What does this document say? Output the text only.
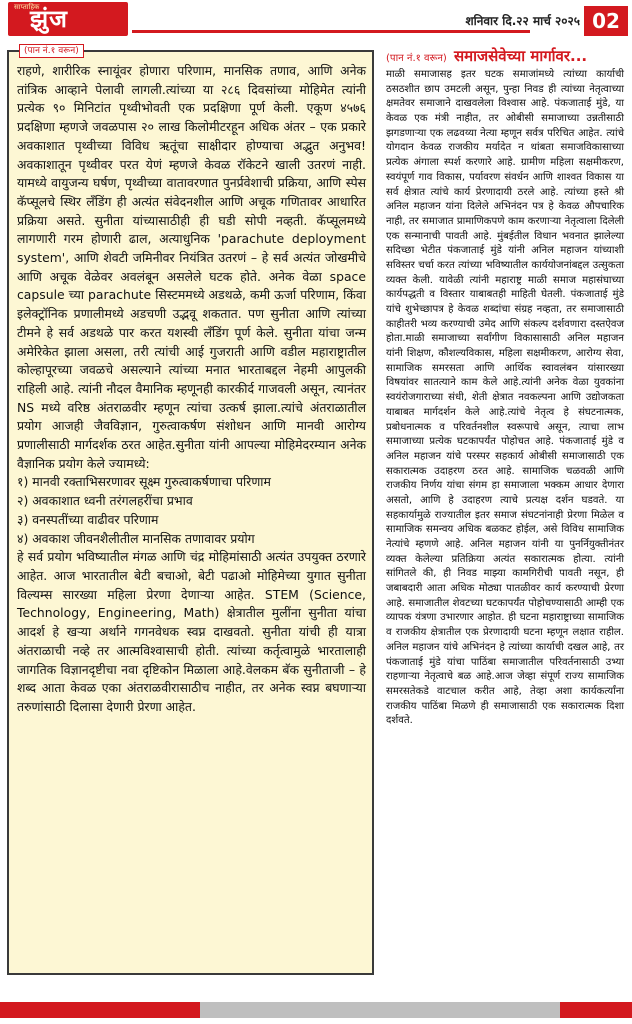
साप्ताहिक
झुंज	शनिवार दि.२२ मार्च २०२५ 02
(पान नं.१ वरून)
राहणे, शारीरिक स्नायूंवर होणारा परिणाम, मानसिक तणाव, आणि अनेक तांत्रिक आव्हाने पेलावी लागली.त्यांच्या या २८६ दिवसांच्या मोहिमेत त्यांनी प्रत्येक ९० मिनिटांत पृथ्वीभोवती एक प्रदक्षिणा पूर्ण केली. एकूण ४५७६ प्रदक्षिणा म्हणजे जवळपास २० लाख किलोमीटरहून अधिक अंतर – एक प्रकारे अवकाशात पृथ्वीच्या विविध ऋतूंचा साक्षीदार होण्याचा अद्भुत अनुभव! अवकाशातून पृथ्वीवर परत येणं म्हणजे केवळ रॉकेटने खाली उतरणं नाही. यामध्ये वायुजन्य घर्षण, पृथ्वीच्या वातावरणात पुनर्प्रवेशाची प्रक्रिया, आणि स्पेस कॅप्सूलचे स्थिर लँडिंग ही अत्यंत संवेदनशील आणि अचूक गणितावर आधारित प्रक्रिया असते. सुनीता यांच्यासाठीही ही घडी सोपी नव्हती. कॅप्सूलमध्ये लागणारी गरम होणारी ढाल, अत्याधुनिक 'parachute deployment system', आणि शेवटी जमिनीवर नियंत्रित उतरणं – हे सर्व अत्यंत जोखमीचे आणि अचूक वेळेवर अवलंबून असलेले घटक होते. अनेक वेळा space capsule च्या parachute सिस्टममध्ये अडथळे, कमी ऊर्जा परिणाम, किंवा इलेक्ट्रॉनिक प्रणालीमध्ये अडचणी उद्भवू शकतात. पण सुनीता आणि त्यांच्या टीमने हे सर्व अडथळे पार करत यशस्वी लँडिंग पूर्ण केले. सुनीता यांचा जन्म अमेरिकेत झाला असला, तरी त्यांची आई गुजराती आणि वडील महाराष्ट्रातील कोल्हापूरच्या जवळचे असल्याने त्यांच्या मनात भारताबद्दल नेहमी आपुलकी राहिली आहे. त्यांनी नौदल वैमानिक म्हणूनही कारकीर्द गाजवली असून, त्यानंतर NS मध्ये वरिष्ठ अंतराळवीर म्हणून त्यांचा उत्कर्ष झाला.त्यांचे अंतराळातील प्रयोग आजही जैवविज्ञान, गुरुत्वाकर्षण संशोधन आणि मानवी आरोग्य प्रणालीसाठी मार्गदर्शक ठरत आहेत.सुनीता यांनी आपल्या मोहिमेदरम्यान अनेक वैज्ञानिक प्रयोग केले ज्यामध्ये:
१) मानवी रक्ताभिसरणावर सूक्ष्म गुरुत्वाकर्षणाचा परिणाम
२) अवकाशात ध्वनी तरंगलहरींचा प्रभाव
३) वनस्पतींच्या वाढीवर परिणाम
४) अवकाश जीवनशैलीतील मानसिक तणावावर प्रयोग
हे सर्व प्रयोग भविष्यातील मंगळ आणि चंद्र मोहिमांसाठी अत्यंत उपयुक्त ठरणारे आहेत. आज भारतातील बेटी बचाओ, बेटी पढाओ मोहिमेच्या युगात सुनीता विल्यम्स सारख्या महिला प्रेरणा देणाऱ्या आहेत. STEM (Science, Technology, Engineering, Math) क्षेत्रातील मुलींना सुनीता यांचा आदर्श हे खऱ्या अर्थाने गगनवेधक स्वप्न दाखवतो. सुनीता यांची ही यात्रा अंतराळाची नव्हे तर आत्मविश्वासाची होती. त्यांच्या कर्तृत्वामुळे भारतालाही जागतिक विज्ञानदृष्टीचा नवा दृष्टिकोन मिळाला आहे.वेलकम बॅक सुनीताजी – हे शब्द आता केवळ एका अंतराळवीरासाठीच नाहीत, तर अनेक स्वप्न बघणाऱ्या तरुणांसाठी दिलासा देणारी प्रेरणा आहेत.
(पान नं.१ वरून) समाजसेवेच्या मार्गावर...
माळी समाजासह इतर घटक समाजांमध्ये त्यांच्या कार्याची ठसठशीत छाप उमटली असून, पुन्हा निवड ही त्यांच्या नेतृत्वाच्या क्षमतेवर समाजाने दाखवलेला विश्वास आहे. पंकजाताई मुंडे, या केवळ एक मंत्री नाहीत, तर ओबीसी समाजाच्या उन्नतीसाठी झगडणाऱ्या एक लढवय्या नेत्या म्हणून सर्वत्र परिचित आहेत. त्यांचे योगदान केवळ राजकीय मर्यादेत न थांबता समाजविकासाच्या प्रत्येक अंगाला स्पर्श करणारे आहे. ग्रामीण महिला सक्षमीकरण, स्वयंपूर्ण गाव विकास, पर्यावरण संवर्धन आणि शाश्वत विकास या सर्व क्षेत्रात त्यांचे कार्य प्रेरणादायी ठरले आहे. त्यांच्या हस्ते श्री अनिल महाजन यांना दिलेले अभिनंदन पत्र हे केवळ औपचारिक नाही, तर समाजात प्रामाणिकपणे काम करणाऱ्या नेतृत्वाला दिलेली एक सन्मानाची पावती आहे. मुंबईतील विधान भवनात झालेल्या सदिच्छा भेटीत पंकजाताई मुंडे यांनी अनिल महाजन यांच्याशी सविस्तर चर्चा करत त्यांच्या भविष्यातील कार्ययोजनांबद्दल उत्सुकता व्यक्त केली. यावेळी त्यांनी महाराष्ट्र माळी समाज महासंघाच्या कार्यपद्धती व विस्तार याबाबतही माहिती घेतली. पंकजाताई मुंडे यांचे शुभेच्छापत्र हे केवळ शब्दांचा संग्रह नव्हता, तर समाजासाठी काहीतरी भव्य करण्याची उमेद आणि संकल्प दर्शवणारा दस्तऐवज होता.माळी समाजाच्या सर्वांगीण विकासासाठी अनिल महाजन यांनी शिक्षण, कौशल्यविकास, महिला सक्षमीकरण, आरोग्य सेवा, सामाजिक समरसता आणि आर्थिक स्वावलंबन यांसारख्या विषयांवर सातत्याने काम केले आहे.त्यांनी अनेक वेळा युवकांना स्वयंरोजगाराच्या संधी, शेती क्षेत्रात नवकल्पना आणि उद्योजकता याबाबत मार्गदर्शन केले आहे.त्यांचे नेतृत्व हे संघटनात्मक, प्रबोधनात्मक व परिवर्तनशील स्वरूपाचे असून, त्याचा लाभ समाजाच्या प्रत्येक घटकापर्यंत पोहोचत आहे. पंकजाताई मुंडे व अनिल महाजन यांचे परस्पर सहकार्य ओबीसी समाजासाठी एक सकारात्मक उदाहरण ठरत आहे. सामाजिक चळवळी आणि राजकीय निर्णय यांचा संगम हा समाजाला भक्कम आधार देणारा असतो, आणि हे उदाहरण त्याचे प्रत्यक्ष दर्शन घडवते. या सहकार्यामुळे राज्यातील इतर समाज संघटनांनाही प्रेरणा मिळेल व सामाजिक समन्वय अधिक बळकट होईल, असे विविध सामाजिक नेत्यांचे म्हणणे आहे. अनिल महाजन यांनी या पुनर्नियुक्तीनंतर व्यक्त केलेल्या प्रतिक्रिया अत्यंत सकारात्मक होत्या. त्यांनी सांगितले की, ही निवड माझ्या कामगिरीची पावती नसून, ही जबाबदारी आता अधिक मोठ्या पातळीवर कार्य करण्याची प्रेरणा आहे. समाजातील शेवटच्या घटकापर्यंत पोहोचण्यासाठी आम्ही एक व्यापक यंत्रणा उभारणार आहोत. ही घटना महाराष्ट्राच्या सामाजिक व राजकीय क्षेत्रातील एक प्रेरणादायी घटना म्हणून लक्षात राहील. अनिल महाजन यांचे अभिनंदन हे त्यांच्या कार्याची दखल आहे, तर पंकजाताई मुंडे यांचा पाठिंबा समाजातील परिवर्तनासाठी उभ्या राहणाऱ्या नेतृत्वाचे बळ आहे.आज जेव्हा संपूर्ण राज्य सामाजिक समरसतेकडे वाटचाल करीत आहे, तेव्हा अशा कार्यकर्त्यांना राजकीय पाठिंबा मिळणे ही समाजासाठी एक सकारात्मक दिशा दर्शवते.
